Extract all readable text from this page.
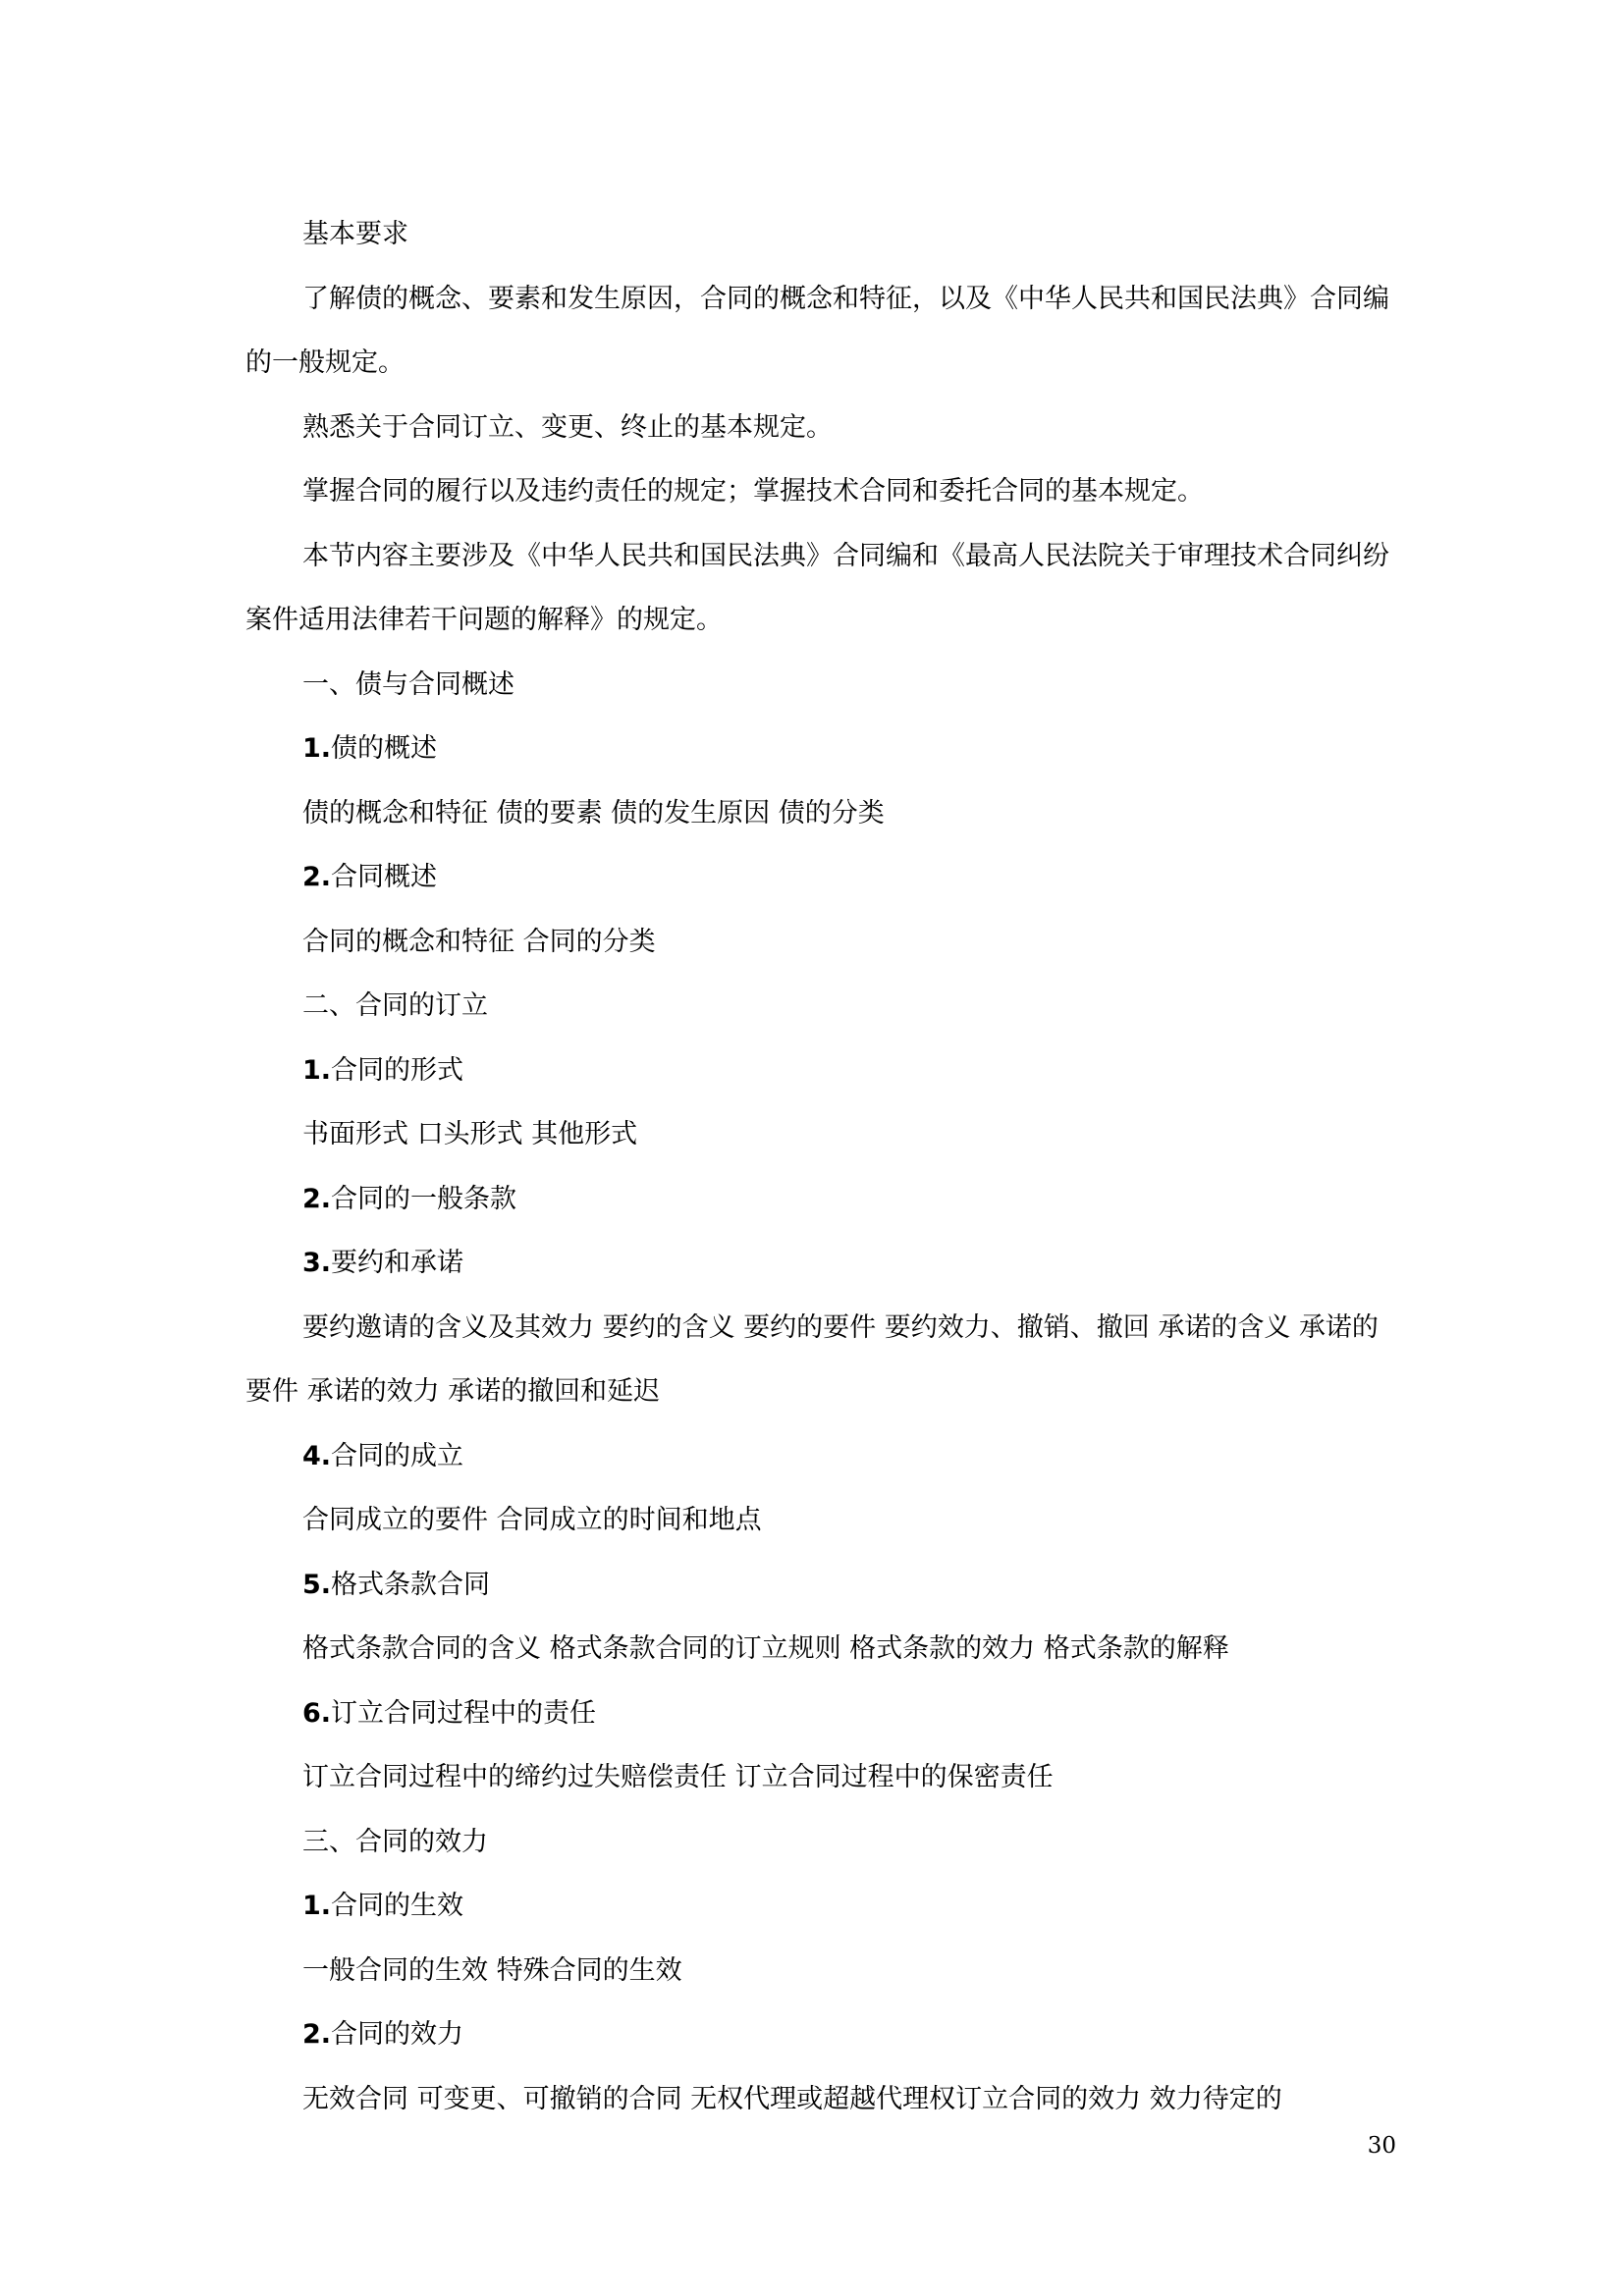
基本要求

了解债的概念、要素和发生原因，合同的概念和特征，以及《中华人民共和国民法典》合同编的一般规定。

熟悉关于合同订立、变更、终止的基本规定。

掌握合同的履行以及违约责任的规定；掌握技术合同和委托合同的基本规定。

本节内容主要涉及《中华人民共和国民法典》合同编和《最高人民法院关于审理技术合同纠纷案件适用法律若干问题的解释》的规定。

一、债与合同概述

1.债的概述

债的概念和特征 债的要素 债的发生原因 债的分类

2.合同概述

合同的概念和特征 合同的分类

二、合同的订立

1.合同的形式

书面形式 口头形式 其他形式

2.合同的一般条款

3.要约和承诺

要约邀请的含义及其效力 要约的含义 要约的要件 要约效力、撤销、撤回 承诺的含义 承诺的要件 承诺的效力 承诺的撤回和延迟

4.合同的成立

合同成立的要件 合同成立的时间和地点

5.格式条款合同

格式条款合同的含义 格式条款合同的订立规则 格式条款的效力 格式条款的解释

6.订立合同过程中的责任

订立合同过程中的缔约过失赔偿责任 订立合同过程中的保密责任

三、合同的效力

1.合同的生效

一般合同的生效 特殊合同的生效

2.合同的效力

无效合同 可变更、可撤销的合同 无权代理或超越代理权订立合同的效力 效力待定的

30
